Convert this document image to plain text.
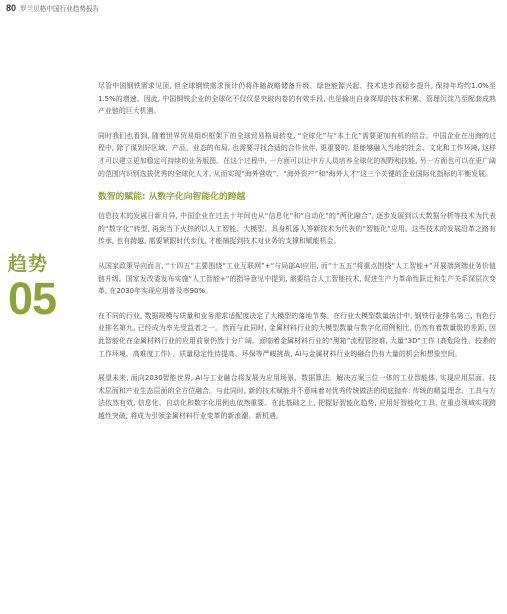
80 罗兰贝格中国行业趋势报告
趋势
05

尽管中国钢铁需求见顶, 但全球钢铁需求预计仍将伴随战略储备升级、绿色能源兴起、技术进步而稳步提升, 保持年均约1.0%至1.5%的增速。因此, 中国钢铁企业的全球化不仅仅是突破内卷的有效手段, 也是输出自身深厚的技术积累、管理沉淀乃至配套成熟产业链的巨大机遇。

同时我们也看到, 随着世界贸易组织框架下的全球贸易格局转变, “全球化”与“本土化”需要更加有机的结合。中国企业在出海的过程中, 除了谋划好区域、产品、业态的布局, 也需要寻找合适的合作伙伴, 更重要的, 是能够融入当地的社会、文化和工作环境, 这样才可以建立更加稳定可持续的业务版图。在这个过程中, 一方面可以让中方人员培养全球化的视野和技能, 另一方面也可以在更广阔的范围内识别选拔优秀的全球化人才, 从而实现“海外营收”、“海外资产”和“海外人才”这三个关键的企业国际化指标的平衡发展。

数智的赋能: 从数字化向智能化的跨越

信息技术的发展日新月异, 中国企业在过去十年间也从“信息化”和“自动化”的“两化融合”, 逐步发展到以大数据分析等技术为代表的“数字化”转型, 再到当下火热的以人工智能、大模型、具身机器人等新技术为代表的“智能化”应用。这些技术的发展沿革之路有传承, 也有跨越, 需要紧跟时代步伐, 才能捕捉到技术对业务的支撑和赋能机会。

从国家政策导向而言, “十四五”主要围绕“工业互联网”+“与局部AI应用, 而“十五五”将重点围绕“人工智能+”开展端到端业务价值链升级。国家发改委发布实施“人工智能+”的指导意见中提到, 需要结合人工智能技术, 促进生产力革命性跃迁和生产关系深层次变革, 在2030年实现应用普及率90%。

在不同的行业, 数据规模与质量和业务需求适配度决定了大模型的落地节奏。在行业大模型数量统计中, 钢铁行业排名第三, 有色行业排名第九, 已经成为率先受益者之一。然而与此同时, 金属材料行业的大模型数量与数字化用例相比, 仍然有着数量级的差距, 因此智能化在金属材料行业的应用前景仍然十分广阔。面临着金属材料行业的“黑箱”流程管控难, 大量“3D”工作 (高危险性、较差的工作环境、高难度工作) 、质量稳定性待提高、环保等严峻挑战, AI与金属材料行业的融合仍有大量的机会和想象空间。

展望未来, 面向2030智能世界, AI与工业融合将发展为应用场景、数据算法、解决方案三位一体的工业智能体, 实现应用层面、技术层面和产业生态层面的全方位融合。与此同时, 新的技术赋能并不意味着对优秀传统做法的彻底抛弃: 传统的精益理念、工具与方法依然有效, 信息化、自动化和数字化用例也依然重要。在此基础之上, 把握好智能化趋势, 应用好智能化工具, 在重点领域实现跨越性突破, 将成为引领金属材料行业变革的新浪潮、新机遇。
